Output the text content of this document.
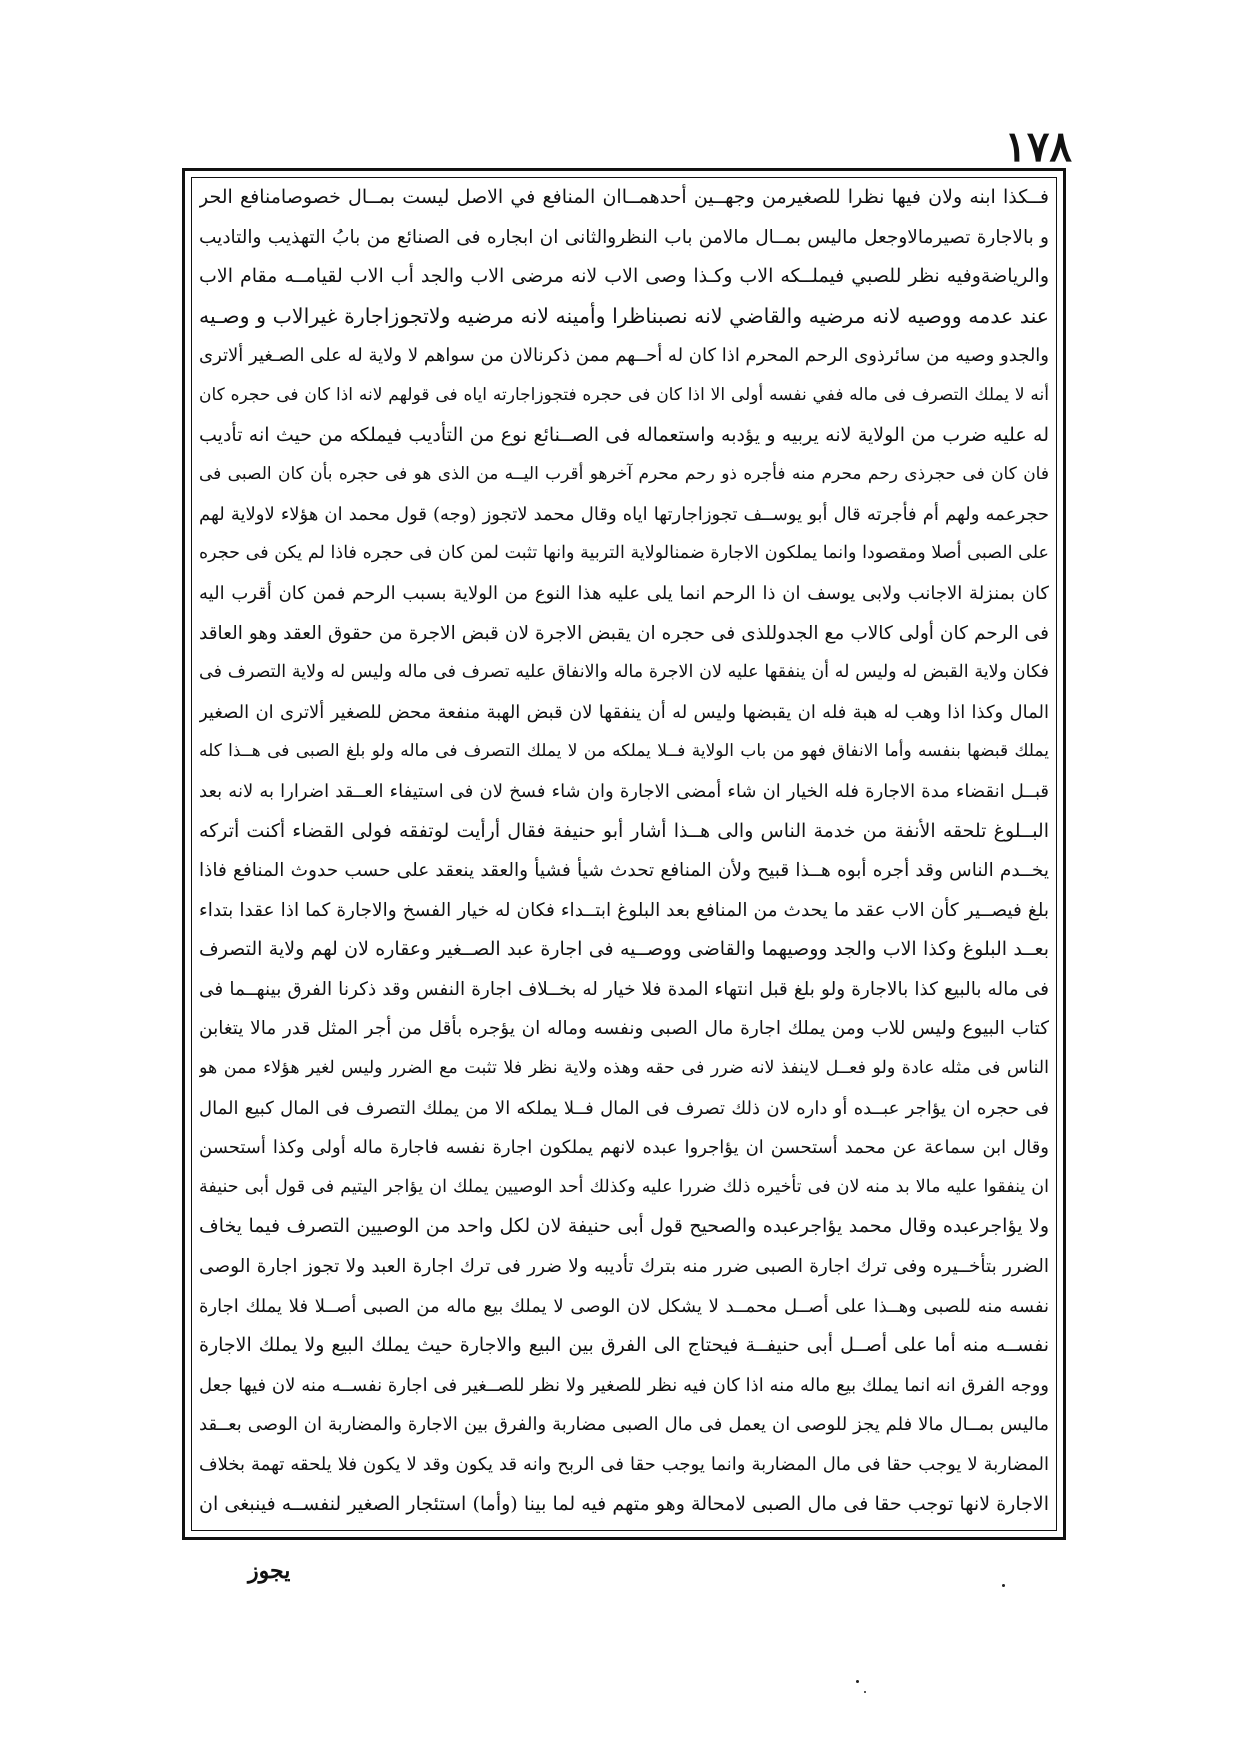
١٧٨
فــكذا ابنه ولان فيها نظرا للصغيرمن وجهــين أحدهمــاان المنافع في الاصل ليست بمــال خصوصامنافع الحر
و بالاجارة تصيرمالاوجعل ماليس بمــال مالامن باب النظروالثانى ان ابجاره فى الصنائع من بابُ التهذيب والتاديب
والرياضةوفيه نظر للصبي فيملــكه الاب وكـذا وصى الاب لانه مرضى الاب والجد أب الاب لقيامــه مقام الاب
عند عدمه ووصيه لانه مرضيه والقاضي لانه نصبناظرا وأمينه لانه مرضيه ولاتجوزاجارة غيرالاب و وصـيه
والجدو وصيه من سائرذوى الرحم المحرم اذا كان له أحــهم ممن ذكرنالان من سواهم لا ولاية له على الصـغير ألاترى
أنه لا يملك التصرف فى ماله ففي نفسه أولى الا اذا كان فى حجره فتجوزاجارته اياه فى قولهم لانه اذا كان فى حجره كان
له عليه ضرب من الولاية لانه يربيه و يؤدبه واستعماله فى الصــنائع نوع من التأديب فيملكه من حيث انه تأديب
فان كان فى حجرذى رحم محرم منه فأجره ذو رحم محرم آخرهو أقرب اليــه من الذى هو فى حجره بأن كان الصبى فى
حجرعمه ولهم أم فأجرته قال أبو يوســف تجوزاجارتها اياه وقال محمد لاتجوز (وجه) قول محمد ان هؤلاء لاولاية لهم
على الصبى أصلا ومقصودا وانما يملكون الاجارة ضمنالولاية التربية وانها تثبت لمن كان فى حجره فاذا لم يكن فى حجره
كان بمنزلة الاجانب ولابى يوسف ان ذا الرحم انما يلى عليه هذا النوع من الولاية بسبب الرحم فمن كان أقرب اليه
فى الرحم كان أولى كالاب مع الجدوللذى فى حجره ان يقبض الاجرة لان قبض الاجرة من حقوق العقد وهو العاقد
فكان ولاية القبض له وليس له أن ينفقها عليه لان الاجرة ماله والانفاق عليه تصرف فى ماله وليس له ولاية التصرف فى
المال وكذا اذا وهب له هبة فله ان يقبضها وليس له أن ينفقها لان قبض الهبة منفعة محض للصغير ألاترى ان الصغير
يملك قبضها بنفسه وأما الانفاق فهو من باب الولاية فــلا يملكه من لا يملك التصرف فى ماله ولو بلغ الصبى فى هــذا كله
قبــل انقضاء مدة الاجارة فله الخيار ان شاء أمضى الاجارة وان شاء فسخ لان فى استيفاء العــقد اضرارا به لانه بعد
البــلوغ تلحقه الأنفة من خدمة الناس والى هــذا أشار أبو حنيفة فقال أرأيت لوتفقه فولى القضاء أكنت أتركه
يخــدم الناس وقد أجره أبوه هــذا قبيح ولأن المنافع تحدث شيأ فشيأ والعقد ينعقد على حسب حدوث المنافع فاذا
بلغ فيصــير كأن الاب عقد ما يحدث من المنافع بعد البلوغ ابتــداء فكان له خيار الفسخ والاجارة كما اذا عقدا بتداء
بعــد البلوغ وكذا الاب والجد ووصيهما والقاضى ووصــيه فى اجارة عبد الصــغير وعقاره لان لهم ولاية التصرف
فى ماله بالبيع كذا بالاجارة ولو بلغ قبل انتهاء المدة فلا خيار له بخــلاف اجارة النفس وقد ذكرنا الفرق بينهــما فى
كتاب البيوع وليس للاب ومن يملك اجارة مال الصبى ونفسه وماله ان يؤجره بأقل من أجر المثل قدر مالا يتغابن
الناس فى مثله عادة ولو فعــل لاينفذ لانه ضرر فى حقه وهذه ولاية نظر فلا تثبت مع الضرر وليس لغير هؤلاء ممن هو
فى حجره ان يؤاجر عبــده أو داره لان ذلك تصرف فى المال فــلا يملكه الا من يملك التصرف فى المال كبيع المال
وقال ابن سماعة عن محمد أستحسن ان يؤاجروا عبده لانهم يملكون اجارة نفسه فاجارة ماله أولى وكذا أستحسن
ان ينفقوا عليه مالا بد منه لان فى تأخيره ذلك ضررا عليه وكذلك أحد الوصيين يملك ان يؤاجر اليتيم فى قول أبى حنيفة
ولا يؤاجرعبده وقال محمد يؤاجرعبده والصحيح قول أبى حنيفة لان لكل واحد من الوصيين التصرف فيما يخاف
الضرر بتأخــيره وفى ترك اجارة الصبى ضرر منه بترك تأديبه ولا ضرر فى ترك اجارة العبد ولا تجوز اجارة الوصى
نفسه منه للصبى وهــذا على أصــل محمــد لا يشكل لان الوصى لا يملك بيع ماله من الصبى أصــلا فلا يملك اجارة
نفســه منه أما على أصــل أبى حنيفــة فيحتاج الى الفرق بين البيع والاجارة حيث يملك البيع ولا يملك الاجارة
ووجه الفرق انه انما يملك بيع ماله منه اذا كان فيه نظر للصغير ولا نظر للصــغير فى اجارة نفســه منه لان فيها جعل
ماليس بمــال مالا فلم يجز للوصى ان يعمل فى مال الصبى مضاربة والفرق بين الاجارة والمضاربة ان الوصى بعــقد
المضاربة لا يوجب حقا فى مال المضاربة وانما يوجب حقا فى الربح وانه قد يكون وقد لا يكون فلا يلحقه تهمة بخلاف
الاجارة لانها توجب حقا فى مال الصبى لامحالة وهو متهم فيه لما بينا (وأما) استئجار الصغير لنفســه فينبغى ان
يجوز
